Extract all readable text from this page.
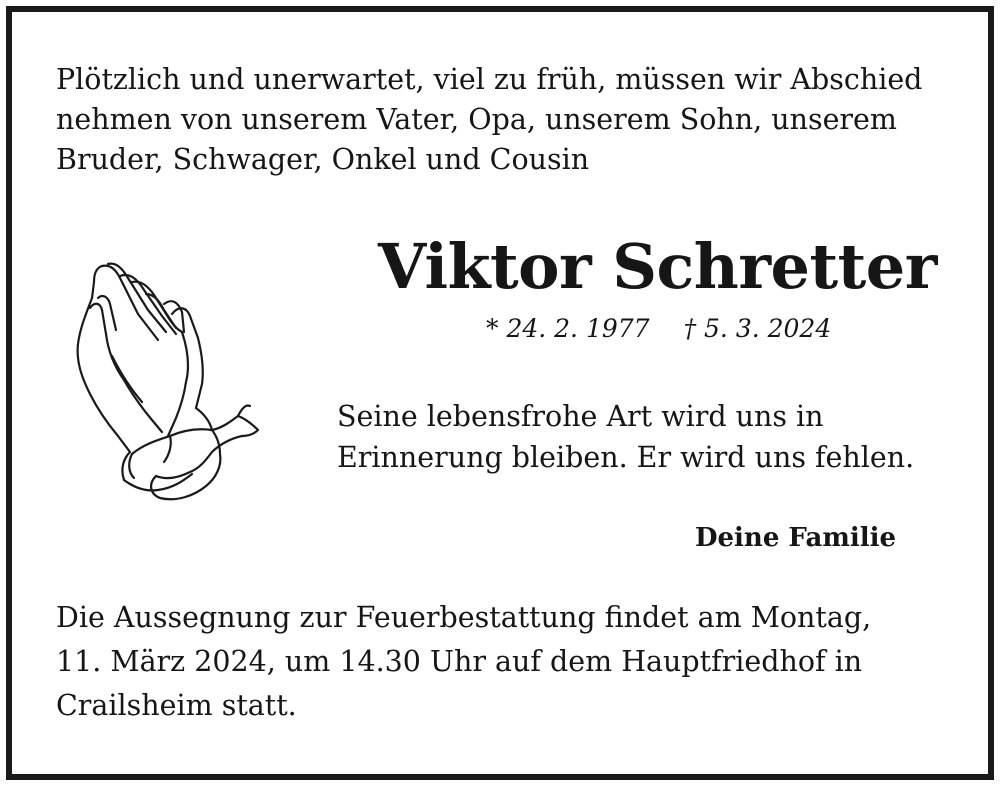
Plötzlich und unerwartet, viel zu früh, müssen wir Abschied
nehmen von unserem Vater, Opa, unserem Sohn, unserem
Bruder, Schwager, Onkel und Cousin

Viktor Schretter
* 24. 2. 1977 † 5. 3. 2024

Seine lebensfrohe Art wird uns in
Erinnerung bleiben. Er wird uns fehlen.

Deine Familie

Die Aussegnung zur Feuerbestattung findet am Montag,
11. März 2024, um 14.30 Uhr auf dem Hauptfriedhof in
Crailsheim statt.
